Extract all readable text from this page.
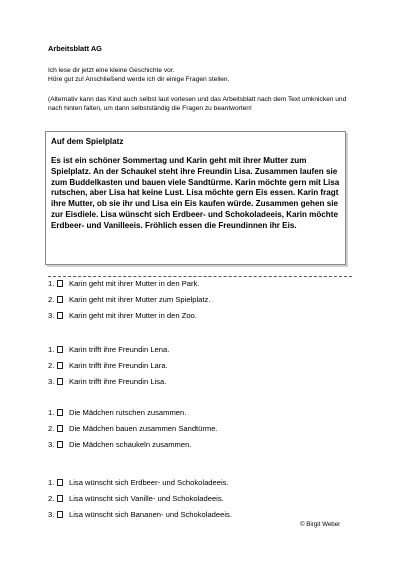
Arbeitsblatt AG

Ich lese dir jetzt eine kleine Geschichte vor.

Höre gut zu! Anschließend werde ich dir einige Fragen stellen.

(Alternativ kann das Kind auch selbst laut vorlesen und das Arbeitsblatt nach dem Text umknicken und nach hinten falten, um dann selbstständig die Fragen zu beantworten!
Auf dem Spielplatz
Es ist ein schöner Sommertag und Karin geht mit ihrer Mutter zum Spielplatz. An der Schaukel steht ihre Freundin Lisa. Zusammen laufen sie zum Buddelkasten und bauen viele Sandtürme. Karin möchte gern mit Lisa rutschen, aber Lisa hat keine Lust. Lisa möchte gern Eis essen. Karin fragt ihre Mutter, ob sie ihr und Lisa ein Eis kaufen würde. Zusammen gehen sie zur Eisdiele. Lisa wünscht sich Erdbeer- und Schokoladeeis, Karin möchte Erdbeer- und Vanilleeis. Fröhlich essen die Freundinnen ihr Eis.
1. Karin geht mit ihrer Mutter in den Park.
2. Karin geht mit ihrer Mutter zum Spielplatz.
3. Karin geht mit ihrer Mutter in den Zoo.
1. Karin trifft ihre Freundin Lena.
2. Karin trifft ihre Freundin Lara.
3. Karin trifft ihre Freundin Lisa.
1. Die Mädchen rutschen zusammen.
2. Die Mädchen bauen zusammen Sandtürme.
3. Die Mädchen schaukeln zusammen.
1. Lisa wünscht sich Erdbeer- und Schokoladeeis.
2. Lisa wünscht sich Vanille- und Schokoladeeis.
3. Lisa wünscht sich Bananen- und Schokoladeeis.
© Birgit Weber
